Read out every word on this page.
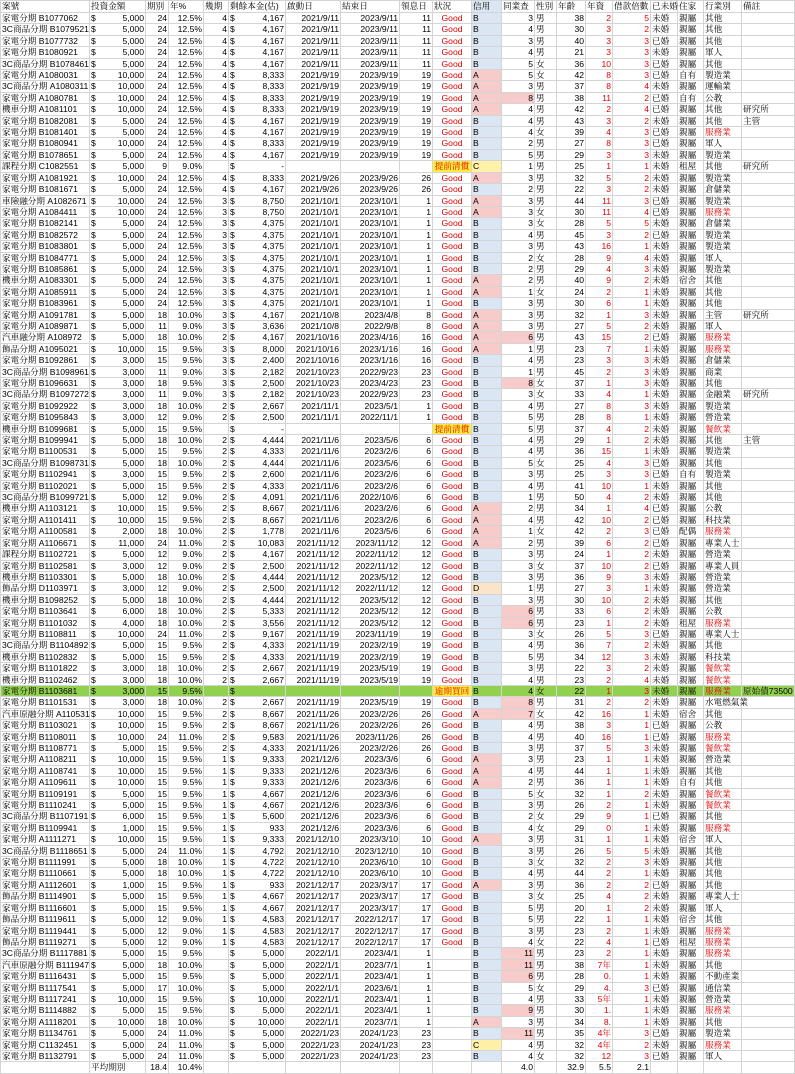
案號	投資金額	期別	年%	幾期	剩餘本金(估)	啟動日	結束日	領息日	狀況	信用	同業查	性別	年齡	年資	借款倍數	已未婚	住家	行業別	備註
家電分期 B1077062	$ 5,000	24	12.5%	4	$ 4,167	2021/9/11	2023/9/11	11	Good	B	3	男	38	2	5	未婚	親屬	其他	
3C商品分期 B1079521	$ 5,000	24	12.5%	4	$ 4,167	2021/9/11	2023/9/11	11	Good	B	4	男	30	3	2	未婚	親屬	其他	
家電分期 B1077732	$ 5,000	24	12.5%	4	$ 4,167	2021/9/11	2023/9/11	11	Good	B	3	男	40	3	3	已婚	親屬	其他	
家電分期 B1080921	$ 5,000	24	12.5%	4	$ 4,167	2021/9/11	2023/9/11	11	Good	B	4	男	21	3	3	未婚	親屬	軍人	
3C商品分期 B1078461	$ 5,000	24	12.5%	4	$ 4,167	2021/9/11	2023/9/11	11	Good	B	5	女	36	10	3	已婚	親屬	其他	
家電分期 A1080031	$ 10,000	24	12.5%	4	$ 8,333	2021/9/19	2023/9/19	19	Good	A	5	女	42	8	3	已婚	自有	製造業	
3C商品分期 A1080311	$ 10,000	24	12.5%	4	$ 8,333	2021/9/19	2023/9/19	19	Good	A	3	男	37	8	4	未婚	親屬	運輸業	
家電分期 A1080781	$ 10,000	24	12.5%	4	$ 8,333	2021/9/19	2023/9/19	19	Good	A	8	男	38	11	2	已婚	自有	公教	
機車分期 A1081101	$ 10,000	24	12.5%	4	$ 8,333	2021/9/19	2023/9/19	19	Good	A	4	男	42	2	4	已婚	親屬	其他	研究所
家電分期 B1082081	$ 5,000	24	12.5%	4	$ 4,167	2021/9/19	2023/9/19	19	Good	B	4	男	43	3	2	未婚	親屬	其他	主管
家電分期 B1081401	$ 5,000	24	12.5%	4	$ 4,167	2021/9/19	2023/9/19	19	Good	B	4	女	39	4	3	已婚	親屬	服務業	
家電分期 B1080941	$ 10,000	24	12.5%	4	$ 8,333	2021/9/19	2023/9/19	19	Good	B	2	男	27	8	3	已婚	親屬	軍人	
家電分期 B1078651	$ 5,000	24	12.5%	4	$ 4,167	2021/9/19	2023/9/19	19	Good	B	5	男	29	3	3	未婚	親屬	製造業	
課程分期 C1082551	$ 5,000	9	9.0%		$ -				提前清償	C	1	男	25	1	1	未婚	租屋	其他	研究所
家電分期 A1081921	$ 10,000	24	12.5%	4	$ 8,333	2021/9/26	2023/9/26	26	Good	A	3	男	32	5	2	未婚	親屬	製造業	
家電分期 B1081671	$ 5,000	24	12.5%	4	$ 4,167	2021/9/26	2023/9/26	26	Good	B	2	男	22	3	2	未婚	親屬	倉儲業	
車險融分期 A1082671	$ 10,000	24	12.5%	3	$ 8,750	2021/10/1	2023/10/1	1	Good	A	3	男	44	11	3	已婚	親屬	製造業	
家電分期 A1084411	$ 10,000	24	12.5%	3	$ 8,750	2021/10/1	2023/10/1	1	Good	A	3	女	30	11	4	已婚	親屬	服務業	
家電分期 B1082141	$ 5,000	24	12.5%	3	$ 4,375	2021/10/1	2023/10/1	1	Good	B	3	女	28	5	5	未婚	親屬	倉儲業	
家電分期 B1082572	$ 5,000	24	12.5%	3	$ 4,375	2021/10/1	2023/10/1	1	Good	B	4	男	45	3	2	已婚	親屬	製造業	
家電分期 B1083801	$ 5,000	24	12.5%	3	$ 4,375	2021/10/1	2023/10/1	1	Good	B	3	男	43	16	1	未婚	親屬	製造業	
家電分期 B1084771	$ 5,000	24	12.5%	3	$ 4,375	2021/10/1	2023/10/1	1	Good	B	2	女	28	9	4	未婚	親屬	軍人	
家電分期 B1085861	$ 5,000	24	12.5%	3	$ 4,375	2021/10/1	2023/10/1	1	Good	B	2	男	29	4	3	未婚	親屬	製造業	
機車分期 A1083301	$ 5,000	24	12.5%	3	$ 4,375	2021/10/1	2023/10/1	1	Good	A	2	男	40	9	2	未婚	宿舍	其他	
家電分期 A1085911	$ 5,000	24	12.5%	3	$ 4,375	2021/10/1	2023/10/1	1	Good	A	1	女	24	2	1	未婚	親屬	其他	
家電分期 B1083961	$ 5,000	24	12.5%	3	$ 4,375	2021/10/1	2023/10/1	1	Good	B	3	男	30	6	1	未婚	親屬	其他	
家電分期 A1091781	$ 5,000	18	10.0%	3	$ 4,167	2021/10/8	2023/4/8	8	Good	A	3	男	32	1	3	未婚	親屬	主管	研究所
家電分期 A1089871	$ 5,000	11	9.0%	3	$ 3,636	2021/10/8	2022/9/8	8	Good	A	3	男	27	5	2	未婚	親屬	軍人	
汽車融分期 A108972	$ 5,000	18	10.0%	2	$ 4,167	2021/10/16	2023/4/16	16	Good	A	6	男	43	15	2	已婚	親屬	服務業	
飾品分期 A1095021	$ 10,000	15	9.5%	3	$ 8,000	2021/10/16	2023/1/16	16	Good	A	1	男	23	7	1	未婚	親屬	服務業	
家電分期 B1092861	$ 3,000	15	9.5%	3	$ 2,400	2021/10/16	2023/1/16	16	Good	B	4	男	23	3	3	未婚	親屬	倉儲業	
3C商品分期 B1098961	$ 3,000	11	9.0%	3	$ 2,182	2021/10/23	2022/9/23	23	Good	B	1	男	45	2	3	未婚	親屬	商業	
家電分期 B1096631	$ 3,000	18	9.5%	3	$ 2,500	2021/10/23	2023/4/23	23	Good	B	8	女	37	1	3	未婚	親屬	其他	
3C商品分期 B1097272	$ 3,000	11	9.0%	3	$ 2,182	2021/10/23	2022/9/23	23	Good	B	3	女	33	4	1	未婚	親屬	金融業	研究所
家電分期 B1092922	$ 3,000	18	10.0%	2	$ 2,667	2021/11/1	2023/5/1	1	Good	B	4	男	27	8	3	未婚	親屬	製造業	
家電分期 B1095843	$ 3,000	12	9.0%	2	$ 2,500	2021/11/1	2022/11/1	1	Good	B	5	男	28	8	1	未婚	親屬	營造業	
機車分期 B1099681	$ 5,000	15	9.5%		$ -				提前清償	B	5	男	37	4	2	未婚	親屬	餐飲業	
家電分期 B1099941	$ 5,000	18	10.0%	2	$ 4,444	2021/11/6	2023/5/6	6	Good	B	4	男	29	1	2	未婚	親屬	其他	主管
家電分期 B1100531	$ 5,000	15	9.5%	2	$ 4,333	2021/11/6	2023/2/6	6	Good	B	4	男	36	15	1	未婚	親屬	製造業	
3C商品分期 B1098731	$ 5,000	18	10.0%	2	$ 4,444	2021/11/6	2023/5/6	6	Good	B	5	女	25	4	3	已婚	親屬	其他	
家電分期 B1102941	$ 3,000	15	9.5%	2	$ 2,600	2021/11/6	2023/2/6	6	Good	B	3	男	25	3	3	已婚	自有	製造業	
家電分期 B1102021	$ 5,000	15	9.5%	2	$ 4,333	2021/11/6	2023/2/6	6	Good	B	4	男	41	10	1	未婚	親屬	其他	
3C商品分期 B1099721	$ 5,000	12	9.0%	2	$ 4,091	2021/11/6	2022/10/6	6	Good	B	1	男	50	4	2	未婚	親屬	其他	
機車分期 A1103121	$ 10,000	15	9.5%	2	$ 8,667	2021/11/6	2023/2/6	6	Good	A	2	男	34	1	4	已婚	親屬	公教	
家電分期 A1101411	$ 10,000	15	9.5%	2	$ 8,667	2021/11/6	2023/2/6	6	Good	A	4	男	42	10	2	已婚	親屬	科技業	
家電分期 A1100581	$ 2,000	18	10.0%	2	$ 1,778	2021/11/6	2023/5/6	6	Good	A	1	女	42	2	3	已婚	配偶	服務業	
家電分期 A1106671	$ 11,000	24	11.0%	2	$ 10,083	2021/11/12	2023/11/12	12	Good	A	2	男	39	6	2	已婚	親屬	專業人士	
課程分期 B1102721	$ 5,000	12	9.0%	2	$ 4,167	2021/11/12	2022/11/12	12	Good	B	3	男	24	1	2	未婚	親屬	營造業	
家電分期 B1102581	$ 3,000	12	9.0%	2	$ 2,500	2021/11/12	2022/11/12	12	Good	B	3	女	37	10	2	已婚	親屬	專業人員	
機車分期 B1103301	$ 5,000	18	10.0%	2	$ 4,444	2021/11/12	2023/5/12	12	Good	B	3	男	36	9	3	未婚	親屬	營造業	
飾品分期 D1103971	$ 3,000	12	9.0%	2	$ 2,500	2021/11/12	2022/11/12	12	Good	D	1	男	27	3	1	未婚	親屬	營造業	
機車分期 B1098252	$ 5,000	18	10.0%	2	$ 4,444	2021/11/12	2023/5/12	12	Good	B	3	男	30	10	2	未婚	親屬	其他	
家電分期 B1103641	$ 6,000	18	10.0%	2	$ 5,333	2021/11/12	2023/5/12	12	Good	B	6	男	33	6	2	未婚	親屬	公教	
家電分期 B1101032	$ 4,000	18	10.0%	2	$ 3,556	2021/11/12	2023/5/12	12	Good	B	6	男	23	1	2	未婚	租屋	服務業	
家電分期 B1108811	$ 10,000	24	11.0%	2	$ 9,167	2021/11/19	2023/11/19	19	Good	B	3	女	26	5	3	已婚	親屬	專業人士	
3C商品分期 B1104892	$ 5,000	15	9.5%	2	$ 4,333	2021/11/19	2023/2/19	19	Good	B	4	男	36	7	2	未婚	親屬	其他	
機車分期 B1102832	$ 5,000	15	9.5%	2	$ 4,333	2021/11/19	2023/2/19	19	Good	B	5	男	34	12	3	未婚	親屬	科技業	
家電分期 B1101822	$ 3,000	18	10.0%	2	$ 2,667	2021/11/19	2023/5/19	19	Good	B	3	男	22	3	2	未婚	親屬	餐飲業	
機車分期 B1102462	$ 3,000	18	10.0%	2	$ 2,667	2021/11/19	2023/5/19	19	Good	B	4	男	23	2	4	未婚	親屬	餐飲業	
家電分期 B1103681	$ 3,000	15	9.5%		$				逾期買回	B	4	女	22	1	3	未婚	親屬	服務業	原始債73500
家電分期 B1101531	$ 3,000	18	10.0%	2	$ 2,667	2021/11/19	2023/5/19	19	Good	B	8	男	31	2	2	未婚	親屬	水電燃氣業	
汽車原融分期 A110531	$ 10,000	15	9.5%	2	$ 8,667	2021/11/26	2023/2/26	26	Good	A	7	女	42	16	1	未婚	宿舍	其他	
家電分期 B1103021	$ 10,000	15	9.5%	2	$ 8,667	2021/11/26	2023/2/26	26	Good	B	4	男	38	3	1	已婚	親屬	公教	
家電分期 B1108011	$ 10,000	24	11.0%	2	$ 9,583	2021/11/26	2023/11/26	26	Good	B	4	男	40	16	1	已婚	親屬	服務業	
家電分期 B1108771	$ 5,000	15	9.5%	2	$ 4,333	2021/11/26	2023/2/26	26	Good	B	3	男	37	5	3	未婚	親屬	餐飲業	
家電分期 A1108211	$ 10,000	15	9.5%	1	$ 9,333	2021/12/6	2023/3/6	6	Good	A	3	男	23	1	1	未婚	親屬	營造業	
家電分期 A1108741	$ 10,000	15	9.5%	1	$ 9,333	2021/12/6	2023/3/6	6	Good	A	4	男	44	1	1	未婚	親屬	其他	
家電分期 A1109611	$ 10,000	15	9.5%	1	$ 9,333	2021/12/6	2023/3/6	6	Good	A	2	男	36	1	1	未婚	自有	其他	
家電分期 B1109191	$ 5,000	15	9.5%	1	$ 4,667	2021/12/6	2023/3/6	6	Good	B	5	女	32	1	2	未婚	親屬	餐飲業	
家電分期 B1110241	$ 5,000	15	9.5%	1	$ 4,667	2021/12/6	2023/3/6	6	Good	B	3	男	26	2	1	未婚	親屬	餐飲業	
3C商品分期 B1107191	$ 6,000	15	9.5%	1	$ 5,600	2021/12/6	2023/3/6	6	Good	B	2	女	29	9	1	已婚	親屬	其他	
家電分期 B1109941	$ 1,000	15	9.5%	1	$ 933	2021/12/6	2023/3/6	6	Good	B	4	女	29	0	1	未婚	親屬	服務業	
家電分期 A1111271	$ 10,000	15	9.5%	1	$ 9,333	2021/12/10	2023/3/10	10	Good	A	3	男	31	1	1	未婚	宿舍	軍人	
3C商品分期 B1118651	$ 5,000	24	11.0%	1	$ 4,792	2021/12/10	2023/12/10	10	Good	B	3	男	26	5	5	未婚	親屬	其他	
家電分期 B1111991	$ 5,000	18	10.0%	1	$ 4,722	2021/12/10	2023/6/10	10	Good	B	3	女	32	2	3	未婚	親屬	其他	
家電分期 B1110661	$ 5,000	18	10.0%	1	$ 4,722	2021/12/10	2023/6/10	10	Good	B	4	男	44	2	1	未婚	親屬	其他	
家電分期 A1112601	$ 1,000	15	9.5%	1	$ 933	2021/12/17	2023/3/17	17	Good	A	3	男	36	2	2	已婚	親屬	其他	
飾品分期 B1114901	$ 5,000	15	9.5%	1	$ 4,667	2021/12/17	2023/3/17	17	Good	B	3	女	25	4	2	未婚	親屬	專業人士	
家電分期 B1116601	$ 5,000	15	9.5%	1	$ 4,667	2021/12/17	2023/3/17	17	Good	B	5	男	20	1	2	未婚	親屬	軍人	
飾品分期 B1119611	$ 5,000	12	9.0%	1	$ 4,583	2021/12/17	2022/12/17	17	Good	B	5	男	22	1	1	未婚	宿舍	其他	
家電分期 B1119441	$ 5,000	12	9.0%	1	$ 4,583	2021/12/17	2022/12/17	17	Good	B	3	男	23	2	1	未婚	親屬	服務業	
飾品分期 B1119271	$ 5,000	12	9.0%	1	$ 4,583	2021/12/17	2022/12/17	17	Good	B	4	女	22	4	1	已婚	租屋	服務業	
3C商品分期 B1117881	$ 5,000	15	9.5%		$ 5,000	2022/1/1	2023/4/1	1		B	11	男	23	2	1	未婚	親屬	服務業	
汽車原融分期 B111947	$ 5,000	18	10.0%		$ 5,000	2022/1/1	2023/7/1	1		B	11	男	38	7年	1	未婚	親屬	其他	
家電分期 B1116431	$ 5,000	15	9.5%		$ 5,000	2022/1/1	2023/4/1	1		B	6	男	28	0.	1	未婚	親屬	不動產業	
家電分期 B1117541	$ 5,000	17	10.0%		$ 5,000	2022/1/1	2023/6/1	1		B	5	女	29	4.	3	已婚	親屬	通信業	
家電分期 B1117241	$ 10,000	15	9.5%		$ 10,000	2022/1/1	2023/4/1	1		B	4	男	33	5年	1	未婚	親屬	營造業	
家電分期 B1114882	$ 5,000	15	9.5%		$ 5,000	2022/1/1	2023/4/1	1		B	9	男	30	1.	1	未婚	親屬	服務業	
家電分期 A1118201	$ 10,000	18	10.0%		$ 10,000	2022/1/1	2023/7/1	1		A	3	男	34	8.	1	未婚	親屬	其他	
家電分期 B1134761	$ 5,000	24	11.0%		$ 5,000	2022/1/23	2024/1/23	23		B	11	男	35	4年	3	已婚	親屬	製造業	
家電分期 C1132451	$ 5,000	24	11.0%		$ 5,000	2022/1/23	2024/1/23	23		C	4	男	32	4年	2	未婚	親屬	服務業	
家電分期 B1132791	$ 5,000	24	11.0%		$ 5,000	2022/1/23	2024/1/23	23		B	4	女	32	12	3	已婚	親屬	軍人	
	平均期別	18.4	10.4%								4.0		32.9	5.5	2.1				
